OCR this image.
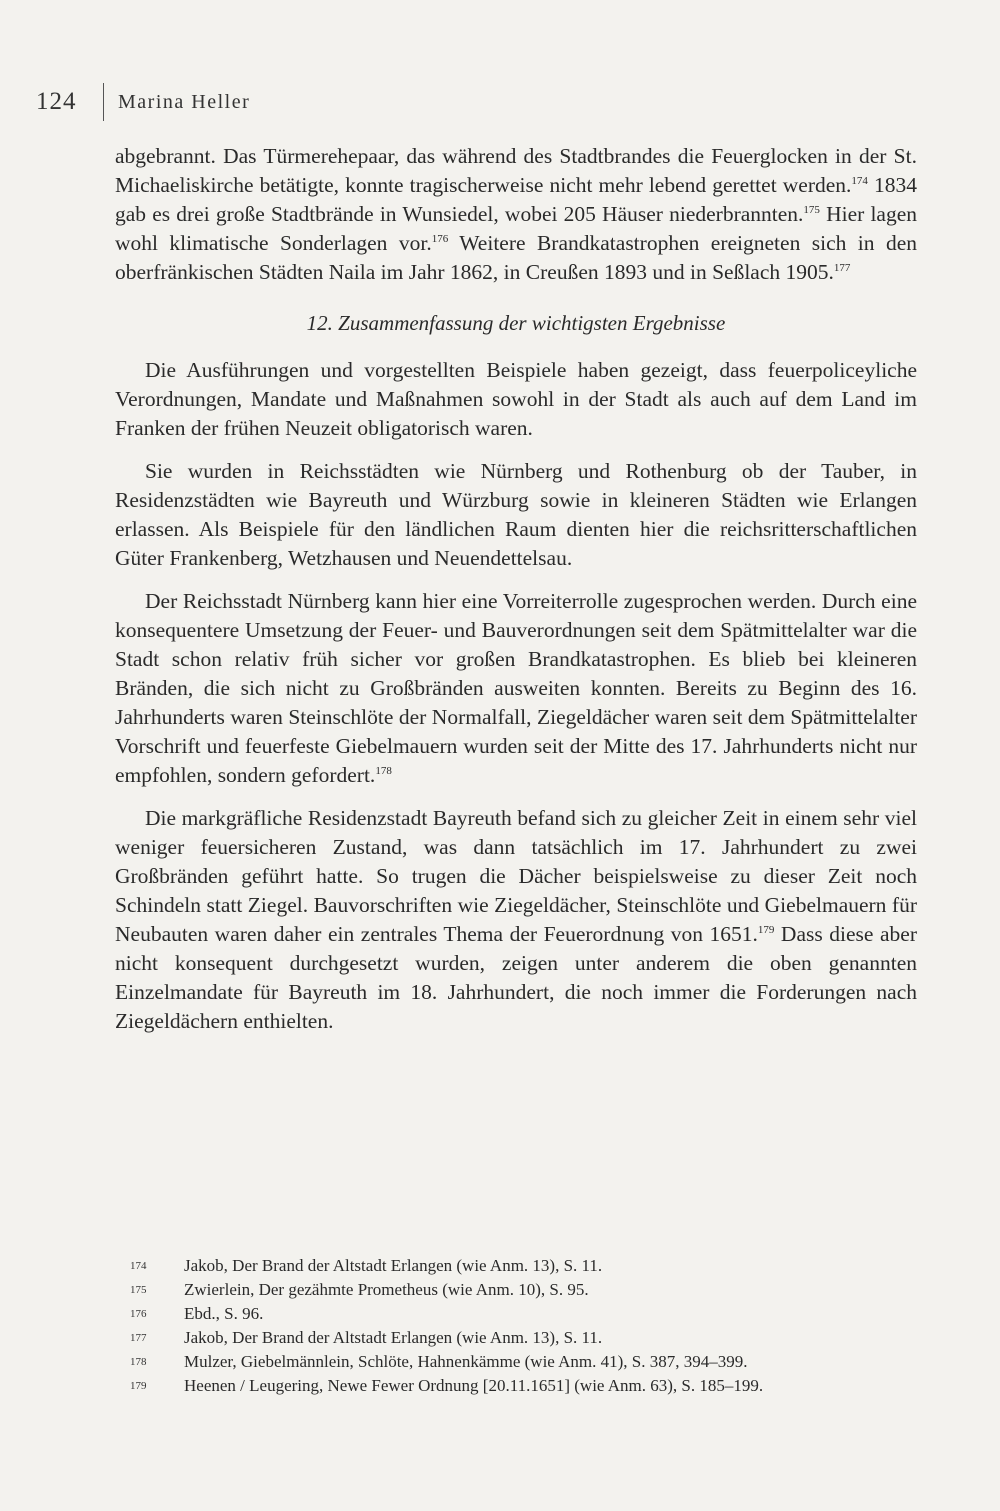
124 Marina Heller

abgebrannt. Das Türmerehepaar, das während des Stadtbrandes die Feuerglocken in der St. Michaeliskirche betätigte, konnte tragischerweise nicht mehr lebend gerettet werden.$^{174}$ 1834 gab es drei große Stadtbrände in Wunsiedel, wobei 205 Häuser niederbrannten.$^{175}$ Hier lagen wohl klimatische Sonderlagen vor.$^{176}$ Weitere Brandkatastrophen ereigneten sich in den oberfränkischen Städten Naila im Jahr 1862, in Creußen 1893 und in Seßlach 1905.$^{177}$

12. Zusammenfassung der wichtigsten Ergebnisse

Die Ausführungen und vorgestellten Beispiele haben gezeigt, dass feuerpoliceyliche Verordnungen, Mandate und Maßnahmen sowohl in der Stadt als auch auf dem Land im Franken der frühen Neuzeit obligatorisch waren.

Sie wurden in Reichsstädten wie Nürnberg und Rothenburg ob der Tauber, in Residenzstädten wie Bayreuth und Würzburg sowie in kleineren Städten wie Erlangen erlassen. Als Beispiele für den ländlichen Raum dienten hier die reichsritterschaftlichen Güter Frankenberg, Wetzhausen und Neuendettelsau.

Der Reichsstadt Nürnberg kann hier eine Vorreiterrolle zugesprochen werden. Durch eine konsequentere Umsetzung der Feuer- und Bauverordnungen seit dem Spätmittelalter war die Stadt schon relativ früh sicher vor großen Brandkatastrophen. Es blieb bei kleineren Bränden, die sich nicht zu Großbränden ausweiten konnten. Bereits zu Beginn des 16. Jahrhunderts waren Steinschlöte der Normalfall, Ziegeldächer waren seit dem Spätmittelalter Vorschrift und feuerfeste Giebelmauern wurden seit der Mitte des 17. Jahrhunderts nicht nur empfohlen, sondern gefordert.$^{178}$

Die markgräfliche Residenzstadt Bayreuth befand sich zu gleicher Zeit in einem sehr viel weniger feuersicheren Zustand, was dann tatsächlich im 17. Jahrhundert zu zwei Großbränden geführt hatte. So trugen die Dächer beispielsweise zu dieser Zeit noch Schindeln statt Ziegel. Bauvorschriften wie Ziegeldächer, Steinschlöte und Giebelmauern für Neubauten waren daher ein zentrales Thema der Feuerordnung von 1651.$^{179}$ Dass diese aber nicht konsequent durchgesetzt wurden, zeigen unter anderem die oben genannten Einzelmandate für Bayreuth im 18. Jahrhundert, die noch immer die Forderungen nach Ziegeldächern enthielten.

174	Jakob, Der Brand der Altstadt Erlangen (wie Anm. 13), S. 11.
175	Zwierlein, Der gezähmte Prometheus (wie Anm. 10), S. 95.
176	Ebd., S. 96.
177	Jakob, Der Brand der Altstadt Erlangen (wie Anm. 13), S. 11.
178	Mulzer, Giebelmännlein, Schlöte, Hahnenkämme (wie Anm. 41), S. 387, 394–399.
179	Heenen / Leugering, Newe Fewer Ordnung [20.11.1651] (wie Anm. 63), S. 185–199.
